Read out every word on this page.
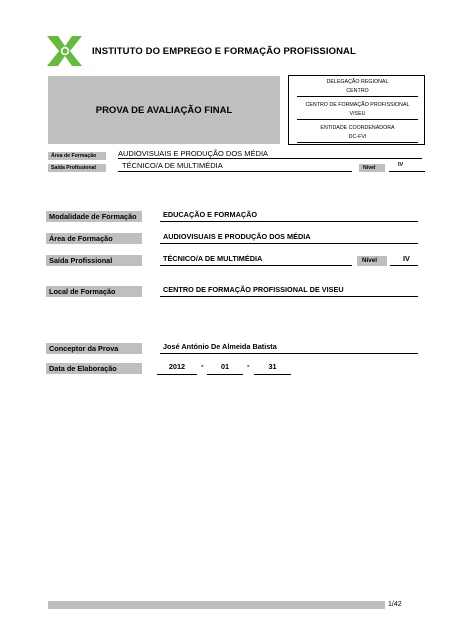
INSTITUTO DO EMPREGO E FORMAÇÃO PROFISSIONAL
PROVA DE AVALIAÇÃO FINAL
DELEGAÇÃO REGIONAL
CENTRO
CENTRO DE FORMAÇÃO PROFISSIONAL
VISEU
ENTIDADE COORDENADORA
DC-FVI
Área de Formação	AUDIOVISUAIS E PRODUÇÃO DOS MÉDIA
Saída Profissional	TÉCNICO/A DE MULTIMÉDIA	Nível	IV
Modalidade de Formação	EDUCAÇÃO E FORMAÇÃO
Área de Formação	AUDIOVISUAIS E PRODUÇÃO DOS MÉDIA
Saída Profissional	TÉCNICO/A DE MULTIMÉDIA	Nível	IV
Local de Formação	CENTRO DE FORMAÇÃO PROFISSIONAL DE VISEU
Conceptor da Prova	José António De Almeida Batista
Data de Elaboração	2012	-	01	-	31
1/42
